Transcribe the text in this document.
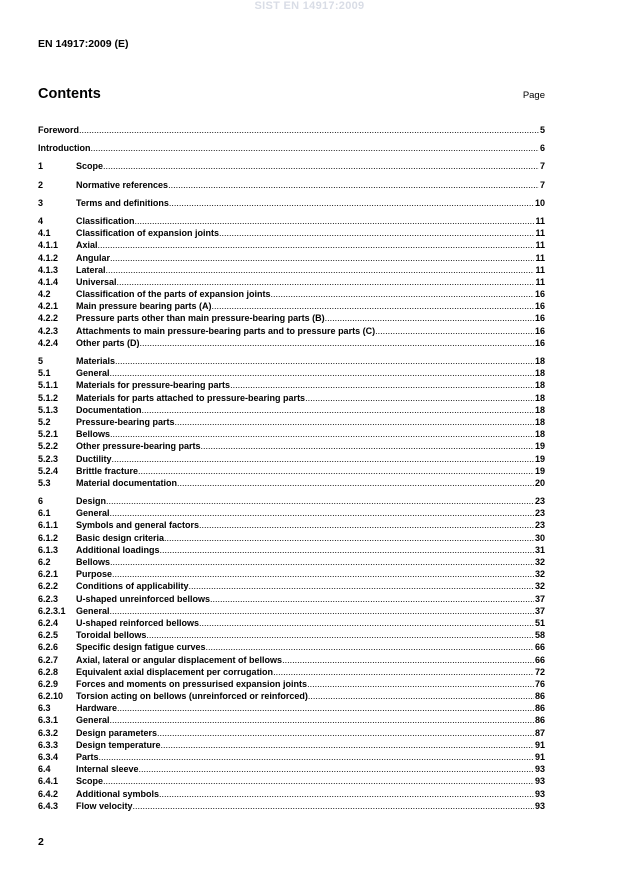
SIST EN 14917:2009
EN 14917:2009 (E)
Contents	Page
Foreword .....	5
Introduction .....	6
1	Scope .....	7
2	Normative references .....	7
3	Terms and definitions .....	10
4	Classification .....	11
4.1	Classification of expansion joints .....	11
4.1.1	Axial .....	11
4.1.2	Angular .....	11
4.1.3	Lateral .....	11
4.1.4	Universal .....	11
4.2	Classification of the parts of expansion joints .....	16
4.2.1	Main pressure bearing parts (A) .....	16
4.2.2	Pressure parts other than main pressure-bearing parts (B) .....	16
4.2.3	Attachments to main pressure-bearing parts and to pressure parts (C) .....	16
4.2.4	Other parts (D) .....	16
5	Materials .....	18
5.1	General .....	18
5.1.1	Materials for pressure-bearing parts .....	18
5.1.2	Materials for parts attached to pressure-bearing parts .....	18
5.1.3	Documentation .....	18
5.2	Pressure-bearing parts .....	18
5.2.1	Bellows .....	18
5.2.2	Other pressure-bearing parts .....	19
5.2.3	Ductility .....	19
5.2.4	Brittle fracture .....	19
5.3	Material documentation .....	20
6	Design .....	23
6.1	General .....	23
6.1.1	Symbols and general factors .....	23
6.1.2	Basic design criteria .....	30
6.1.3	Additional loadings .....	31
6.2	Bellows .....	32
6.2.1	Purpose .....	32
6.2.2	Conditions of applicability .....	32
6.2.3	U-shaped unreinforced bellows .....	37
6.2.3.1	General .....	37
6.2.4	U-shaped reinforced bellows .....	51
6.2.5	Toroidal bellows .....	58
6.2.6	Specific design fatigue curves .....	66
6.2.7	Axial, lateral or angular displacement of bellows .....	66
6.2.8	Equivalent axial displacement per corrugation .....	72
6.2.9	Forces and moments on pressurised expansion joints .....	76
6.2.10	Torsion acting on bellows (unreinforced or reinforced) .....	86
6.3	Hardware .....	86
6.3.1	General .....	86
6.3.2	Design parameters .....	87
6.3.3	Design temperature .....	91
6.3.4	Parts .....	91
6.4	Internal sleeve .....	93
6.4.1	Scope .....	93
6.4.2	Additional symbols .....	93
6.4.3	Flow velocity .....	93
2
